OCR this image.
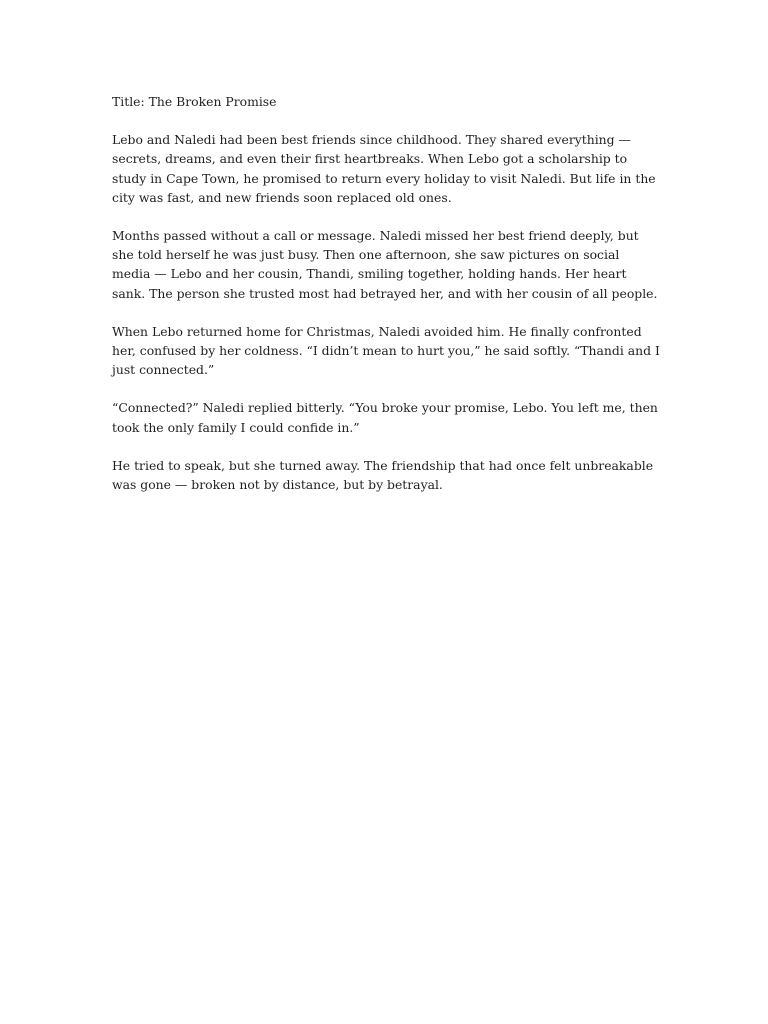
Title: The Broken Promise

Lebo and Naledi had been best friends since childhood. They shared everything — secrets, dreams, and even their first heartbreaks. When Lebo got a scholarship to study in Cape Town, he promised to return every holiday to visit Naledi. But life in the city was fast, and new friends soon replaced old ones.

Months passed without a call or message. Naledi missed her best friend deeply, but she told herself he was just busy. Then one afternoon, she saw pictures on social media — Lebo and her cousin, Thandi, smiling together, holding hands. Her heart sank. The person she trusted most had betrayed her, and with her cousin of all people.

When Lebo returned home for Christmas, Naledi avoided him. He finally confronted her, confused by her coldness. “I didn’t mean to hurt you,” he said softly. “Thandi and I just connected.”

“Connected?” Naledi replied bitterly. “You broke your promise, Lebo. You left me, then took the only family I could confide in.”

He tried to speak, but she turned away. The friendship that had once felt unbreakable was gone — broken not by distance, but by betrayal.
